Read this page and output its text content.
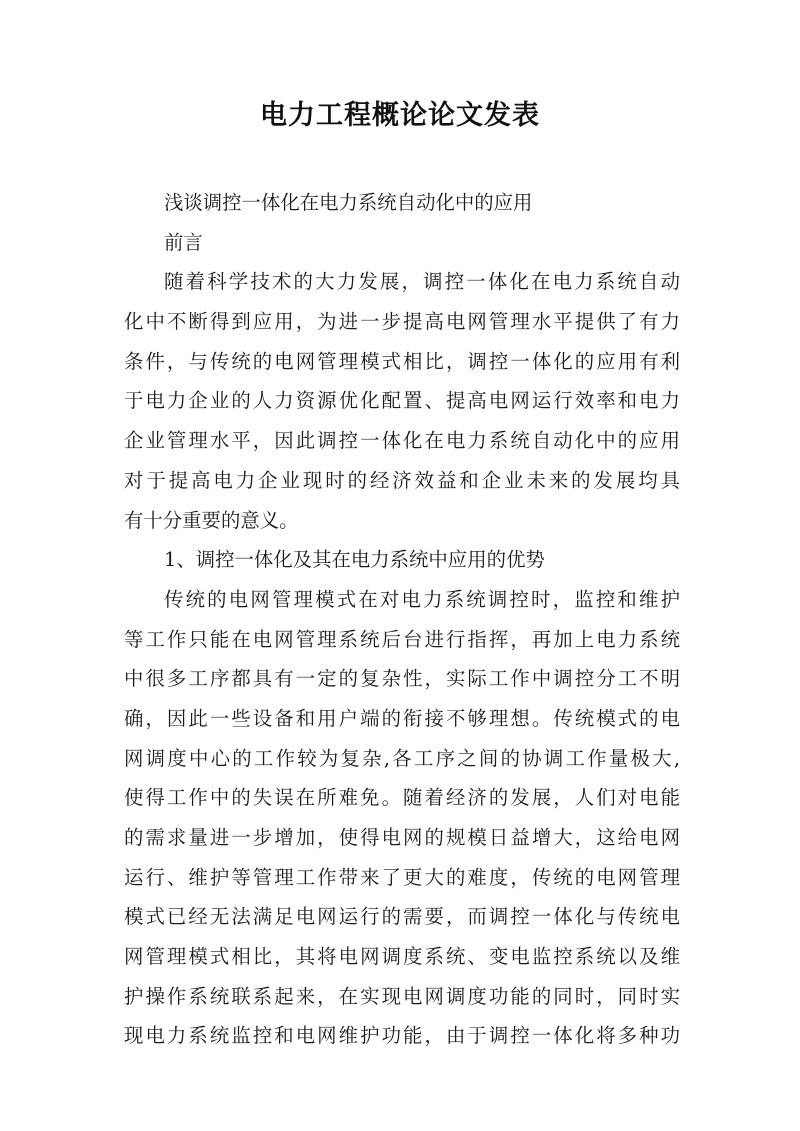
电力工程概论论文发表
浅谈调控一体化在电力系统自动化中的应用
前言
随着科学技术的大力发展，调控一体化在电力系统自动
化中不断得到应用，为进一步提高电网管理水平提供了有力
条件，与传统的电网管理模式相比，调控一体化的应用有利
于电力企业的人力资源优化配置、提高电网运行效率和电力
企业管理水平，因此调控一体化在电力系统自动化中的应用
对于提高电力企业现时的经济效益和企业未来的发展均具
有十分重要的意义。
1、调控一体化及其在电力系统中应用的优势
传统的电网管理模式在对电力系统调控时，监控和维护
等工作只能在电网管理系统后台进行指挥，再加上电力系统
中很多工序都具有一定的复杂性，实际工作中调控分工不明
确，因此一些设备和用户端的衔接不够理想。传统模式的电
网调度中心的工作较为复杂,各工序之间的协调工作量极大,
使得工作中的失误在所难免。随着经济的发展，人们对电能
的需求量进一步增加，使得电网的规模日益增大，这给电网
运行、维护等管理工作带来了更大的难度，传统的电网管理
模式已经无法满足电网运行的需要，而调控一体化与传统电
网管理模式相比，其将电网调度系统、变电监控系统以及维
护操作系统联系起来，在实现电网调度功能的同时，同时实
现电力系统监控和电网维护功能，由于调控一体化将多种功
